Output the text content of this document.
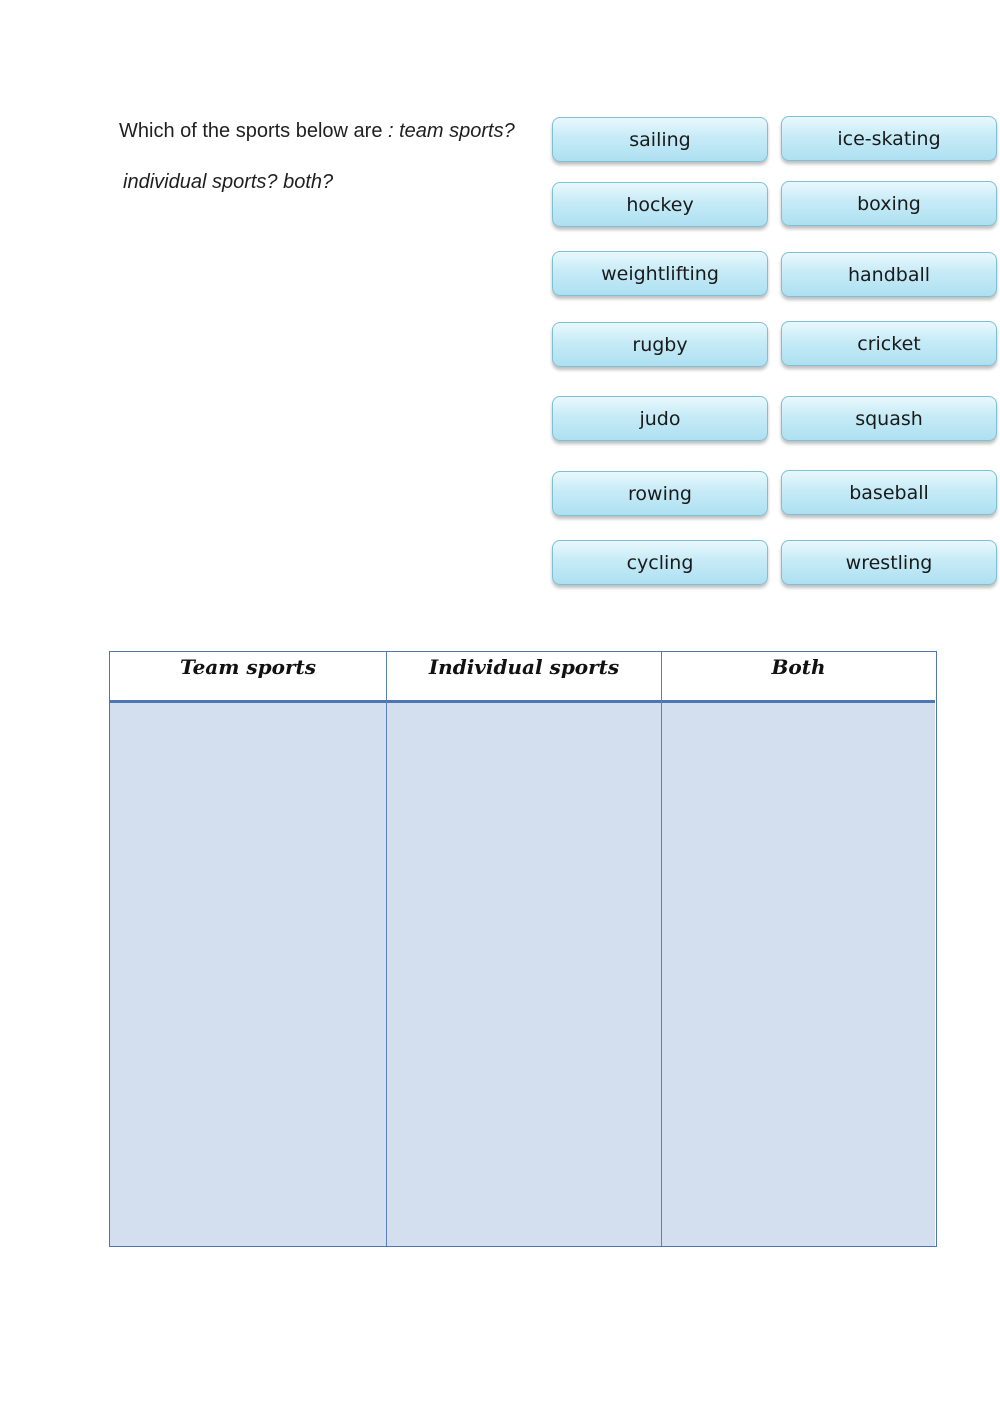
Which of the sports below are : team sports?
individual sports? both?
sailing	ice-skating
hockey	boxing
weightlifting	handball
rugby	cricket
judo	squash
rowing	baseball
cycling	wrestling
Team sports	Individual sports	Both
